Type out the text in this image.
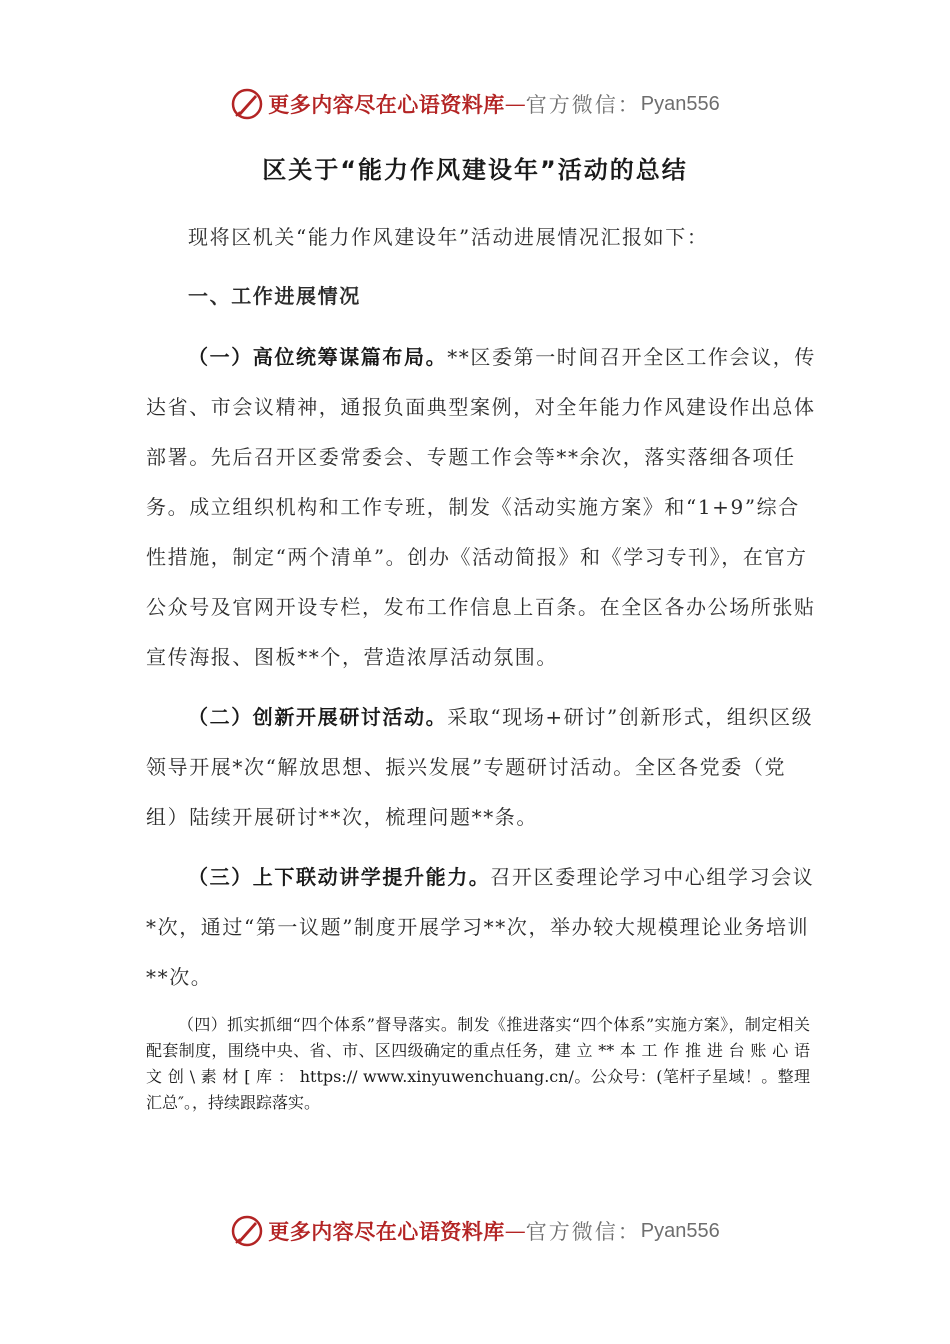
更多内容尽在心语资料库 — 官方微信： Pyan556
区关于“能力作风建设年”活动的总结

现将区机关“能力作风建设年”活动进展情况汇报如下：

一、工作进展情况

（一）高位统筹谋篇布局。**区委第一时间召开全区工作会议，传达省、市会议精神，通报负面典型案例，对全年能力作风建设作出总体部署。先后召开区委常委会、专题工作会等**余次，落实落细各项任务。成立组织机构和工作专班，制发《活动实施方案》和“1+9”综合性措施，制定“两个清单”。创办《活动简报》和《学习专刊》，在官方公众号及官网开设专栏，发布工作信息上百条。在全区各办公场所张贴宣传海报、图板**个，营造浓厚活动氛围。

（二）创新开展研讨活动。采取“现场+研讨”创新形式，组织区级领导开展*次“解放思想、振兴发展”专题研讨活动。全区各党委（党组）陆续开展研讨**次，梳理问题**条。

（三）上下联动讲学提升能力。召开区委理论学习中心组学习会议*次，通过“第一议题”制度开展学习**次，举办较大规模理论业务培训**次。

（四）抓实抓细“四个体系”督导落实。制发《推进落实“四个体系”实施方案》，制定相关配套制度，围绕中央、省、市、区四级确定的重点任务，建 立 ** 本 工 作 推 进 台 账 心 语 文 创 \ 素 材 [ 库 ： https:// www.xinyuwenchuang.cn/。公众号：(笔杆子星域！。整理汇总″。，持续跟踪落实。

更多内容尽在心语资料库 — 官方微信： Pyan556
